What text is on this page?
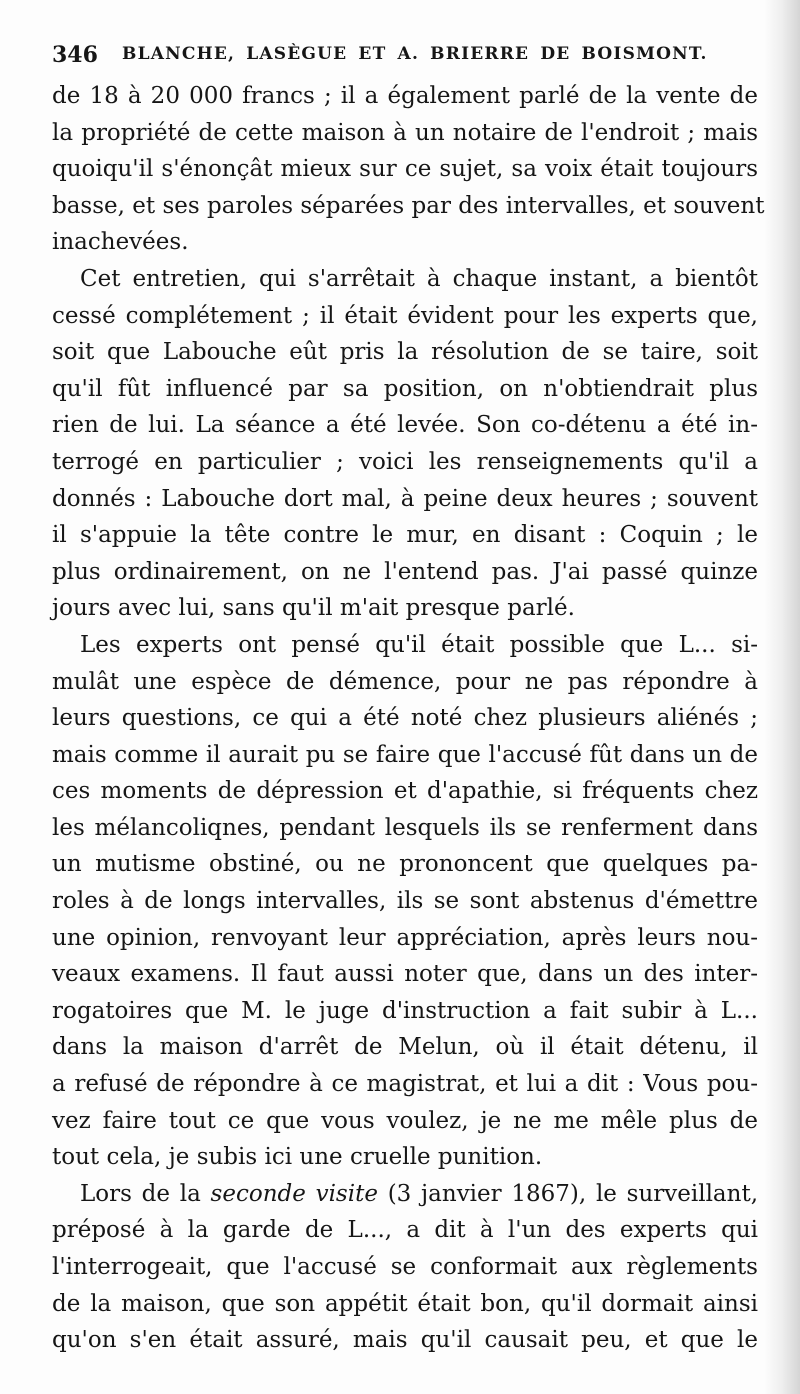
346 BLANCHE, LASÈGUE ET A. BRIERRE DE BOISMONT.
de 18 à 20 000 francs ; il a également parlé de la vente de
la propriété de cette maison à un notaire de l'endroit ; mais
quoiqu'il s'énonçât mieux sur ce sujet, sa voix était toujours
basse, et ses paroles séparées par des intervalles, et souvent
inachevées.
Cet entretien, qui s'arrêtait à chaque instant, a bientôt
cessé complétement ; il était évident pour les experts que,
soit que Labouche eût pris la résolution de se taire, soit
qu'il fût influencé par sa position, on n'obtiendrait plus
rien de lui. La séance a été levée. Son co-détenu a été in-
terrogé en particulier ; voici les renseignements qu'il a
donnés : Labouche dort mal, à peine deux heures ; souvent
il s'appuie la tête contre le mur, en disant : Coquin ; le
plus ordinairement, on ne l'entend pas. J'ai passé quinze
jours avec lui, sans qu'il m'ait presque parlé.
Les experts ont pensé qu'il était possible que L... si-
mulât une espèce de démence, pour ne pas répondre à
leurs questions, ce qui a été noté chez plusieurs aliénés ;
mais comme il aurait pu se faire que l'accusé fût dans un de
ces moments de dépression et d'apathie, si fréquents chez
les mélancoliqnes, pendant lesquels ils se renferment dans
un mutisme obstiné, ou ne prononcent que quelques pa-
roles à de longs intervalles, ils se sont abstenus d'émettre
une opinion, renvoyant leur appréciation, après leurs nou-
veaux examens. Il faut aussi noter que, dans un des inter-
rogatoires que M. le juge d'instruction a fait subir à L...
dans la maison d'arrêt de Melun, où il était détenu, il
a refusé de répondre à ce magistrat, et lui a dit : Vous pou-
vez faire tout ce que vous voulez, je ne me mêle plus de
tout cela, je subis ici une cruelle punition.
Lors de la seconde visite (3 janvier 1867), le surveillant,
préposé à la garde de L..., a dit à l'un des experts qui
l'interrogeait, que l'accusé se conformait aux règlements
de la maison, que son appétit était bon, qu'il dormait ainsi
qu'on s'en était assuré, mais qu'il causait peu, et que le
